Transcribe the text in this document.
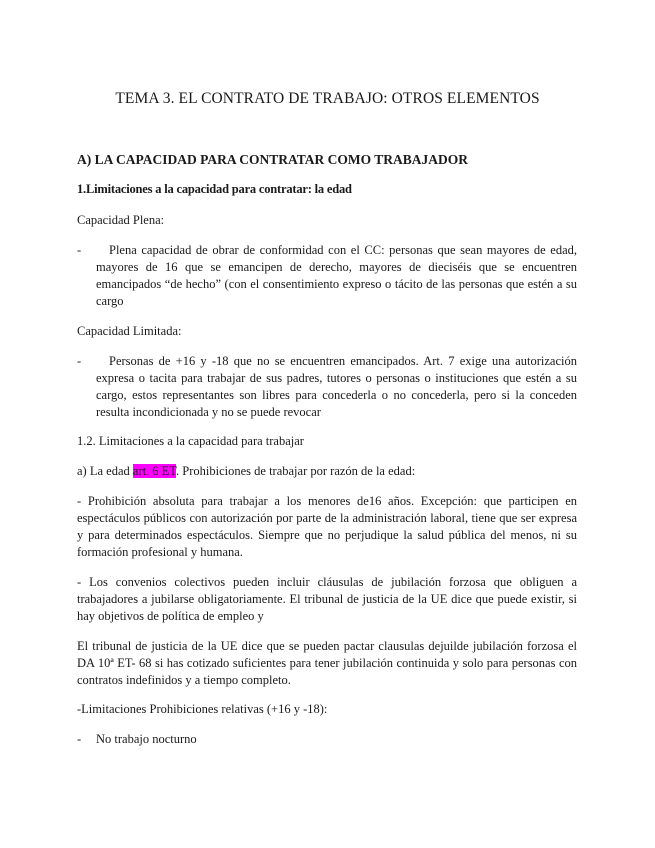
TEMA 3. EL CONTRATO DE TRABAJO: OTROS ELEMENTOS
A) LA CAPACIDAD PARA CONTRATAR COMO TRABAJADOR
1.Limitaciones a la capacidad para contratar: la edad

Capacidad Plena:

-	Plena capacidad de obrar de conformidad con el CC: personas que sean mayores de edad, mayores de 16 que se emancipen de derecho, mayores de dieciséis que se encuentren emancipados “de hecho” (con el consentimiento expreso o tácito de las personas que estén a su cargo

Capacidad Limitada:

-	Personas de +16 y -18 que no se encuentren emancipados. Art. 7 exige una autorización expresa o tacita para trabajar de sus padres, tutores o personas o instituciones que estén a su cargo, estos representantes son libres para concederla o no concederla, pero si la conceden resulta incondicionada y no se puede revocar

1.2. Limitaciones a la capacidad para trabajar

a) La edad art. 6 ET. Prohibiciones de trabajar por razón de la edad:

- Prohibición absoluta para trabajar a los menores de16 años. Excepción: que participen en espectáculos públicos con autorización por parte de la administración laboral, tiene que ser expresa y para determinados espectáculos. Siempre que no perjudique la salud pública del menos, ni su formación profesional y humana.

- Los convenios colectivos pueden incluir cláusulas de jubilación forzosa que obliguen a trabajadores a jubilarse obligatoriamente. El tribunal de justicia de la UE dice que puede existir, si hay objetivos de política de empleo y

El tribunal de justicia de la UE dice que se pueden pactar clausulas dejuilde jubilación forzosa el DA 10ª ET- 68 si has cotizado suficientes para tener jubilación continuida y solo para personas con contratos indefinidos y a tiempo completo.

-Limitaciones Prohibiciones relativas (+16 y -18):

- No trabajo nocturno
